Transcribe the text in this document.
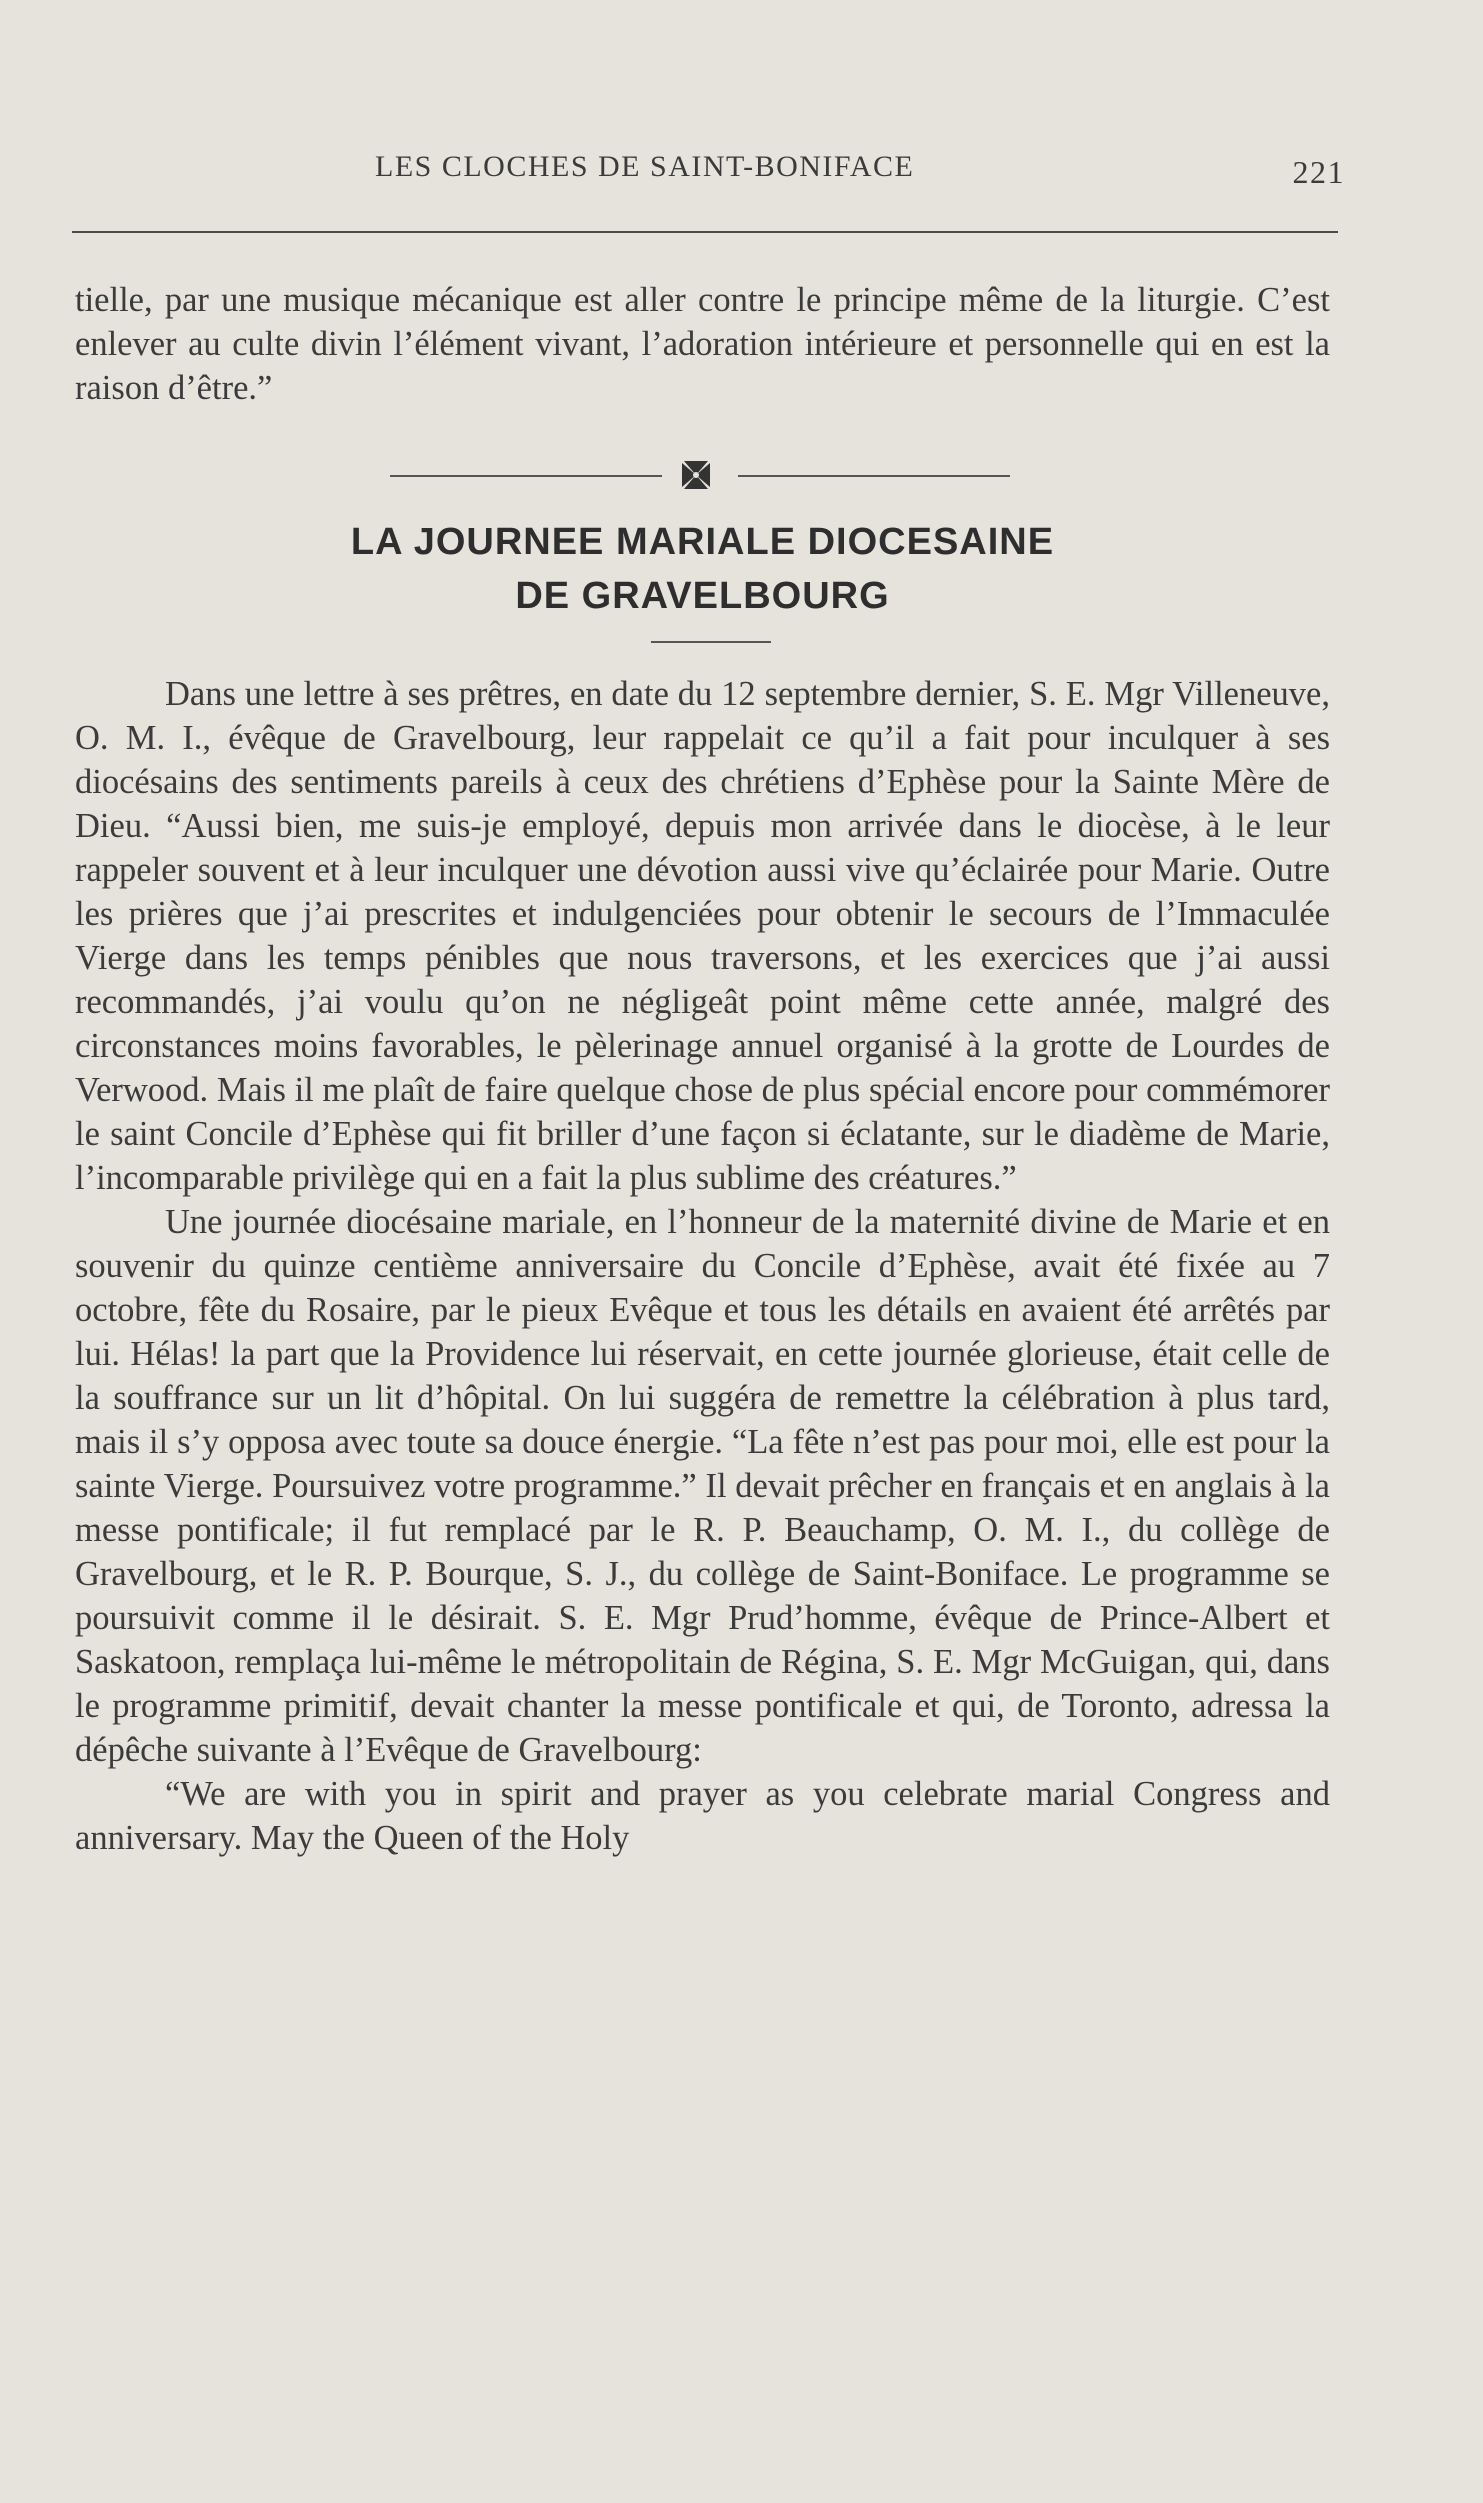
LES CLOCHES DE SAINT-BONIFACE	221

tielle, par une musique mécanique est aller contre le principe même de la liturgie. C’est enlever au culte divin l’élément vivant, l’adoration intérieure et personnelle qui en est la raison d’être.”

LA JOURNEE MARIALE DIOCESAINE
DE GRAVELBOURG

Dans une lettre à ses prêtres, en date du 12 septembre dernier, S. E. Mgr Villeneuve, O. M. I., évêque de Gravelbourg, leur rappelait ce qu’il a fait pour inculquer à ses diocésains des sentiments pareils à ceux des chrétiens d’Ephèse pour la Sainte Mère de Dieu. “Aussi bien, me suis-je employé, depuis mon arrivée dans le diocèse, à le leur rappeler souvent et à leur inculquer une dévotion aussi vive qu’éclairée pour Marie. Outre les prières que j’ai prescrites et indulgenciées pour obtenir le secours de l’Immaculée Vierge dans les temps pénibles que nous traversons, et les exercices que j’ai aussi recommandés, j’ai voulu qu’on ne négligeât point même cette année, malgré des circonstances moins favorables, le pèlerinage annuel organisé à la grotte de Lourdes de Verwood. Mais il me plaît de faire quelque chose de plus spécial encore pour commémorer le saint Concile d’Ephèse qui fit briller d’une façon si éclatante, sur le diadème de Marie, l’incomparable privilège qui en a fait la plus sublime des créatures.”

Une journée diocésaine mariale, en l’honneur de la maternité divine de Marie et en souvenir du quinze centième anniversaire du Concile d’Ephèse, avait été fixée au 7 octobre, fête du Rosaire, par le pieux Evêque et tous les détails en avaient été arrêtés par lui. Hélas! la part que la Providence lui réservait, en cette journée glorieuse, était celle de la souffrance sur un lit d’hôpital. On lui suggéra de remettre la célébration à plus tard, mais il s’y opposa avec toute sa douce énergie. “La fête n’est pas pour moi, elle est pour la sainte Vierge. Poursuivez votre programme.” Il devait prêcher en français et en anglais à la messe pontificale; il fut remplacé par le R. P. Beauchamp, O. M. I., du collège de Gravelbourg, et le R. P. Bourque, S. J., du collège de Saint-Boniface. Le programme se poursuivit comme il le désirait. S. E. Mgr Prud’homme, évêque de Prince-Albert et Saskatoon, remplaça lui-même le métropolitain de Régina, S. E. Mgr McGuigan, qui, dans le programme primitif, devait chanter la messe pontificale et qui, de Toronto, adressa la dépêche suivante à l’Evêque de Gravelbourg:

“We are with you in spirit and prayer as you celebrate marial Congress and anniversary. May the Queen of the Holy
